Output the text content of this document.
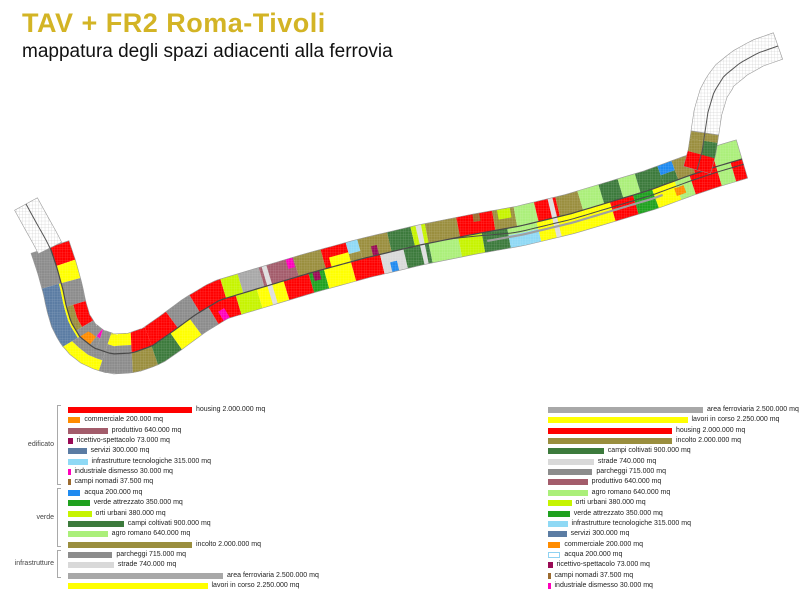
TAV + FR2 Roma-Tivoli
mappatura degli spazi adiacenti alla ferrovia
housing 2.000.000 mq
commerciale 200.000 mq
produttivo 640.000 mq
ricettivo-spettacolo 73.000 mq
servizi 300.000 mq
infrastrutture tecnologiche 315.000 mq
industriale dismesso 30.000 mq
campi nomadi 37.500 mq
acqua 200.000 mq
verde attrezzato 350.000 mq
orti urbani 380.000 mq
campi coltivati 900.000 mq
agro romano 640.000 mq
incolto 2.000.000 mq
parcheggi 715.000 mq
strade 740.000 mq
area ferroviaria 2.500.000 mq
lavori in corso 2.250.000 mq
edificato
verde
infrastrutture
area ferroviaria 2.500.000 mq
lavori in corso 2.250.000 mq
housing 2.000.000 mq
incolto 2.000.000 mq
campi coltivati 900.000 mq
strade 740.000 mq
parcheggi 715.000 mq
produttivo 640.000 mq
agro romano 640.000 mq
orti urbani 380.000 mq
verde attrezzato 350.000 mq
infrastrutture tecnologiche 315.000 mq
servizi 300.000 mq
commerciale 200.000 mq
acqua 200.000 mq
ricettivo-spettacolo 73.000 mq
campi nomadi 37.500 mq
industriale dismesso 30.000 mq
